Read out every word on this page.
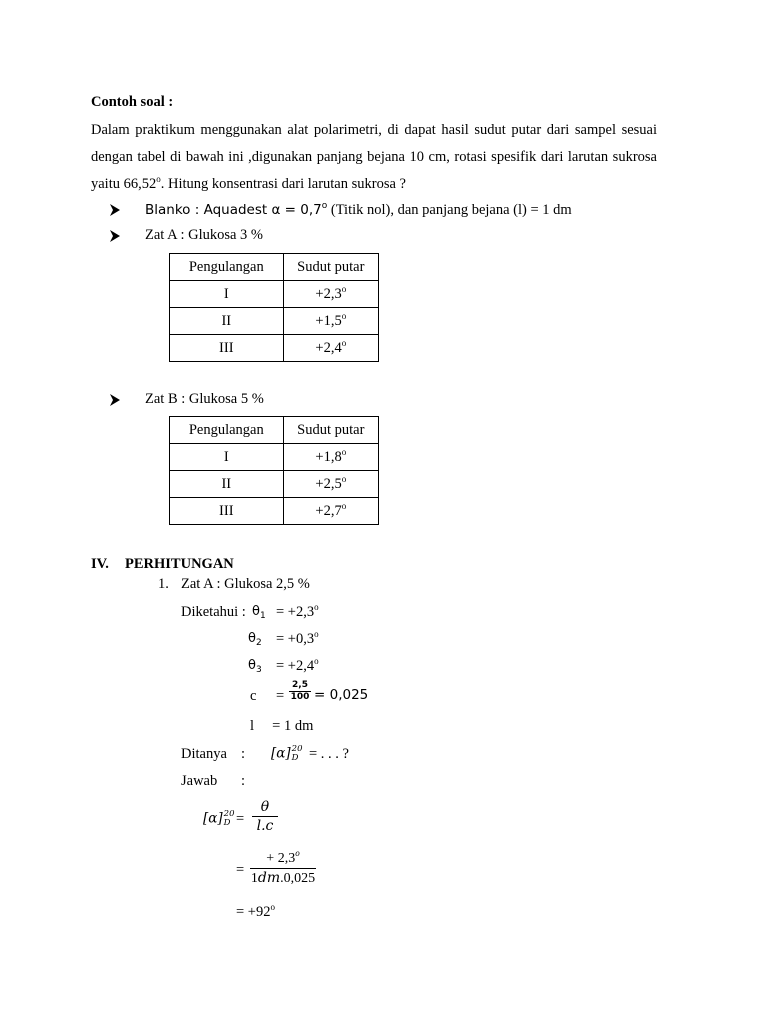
Contoh soal :
Dalam praktikum menggunakan alat polarimetri, di dapat hasil sudut putar dari sampel sesuai
dengan tabel di bawah ini ,digunakan panjang bejana 10 cm, rotasi spesifik dari larutan sukrosa
yaitu 66,52$^o$. Hitung konsentrasi dari larutan sukrosa ?
Blanko : Aquadest $\alpha = 0,7^o$ (Titik nol), dan panjang bejana (l) = 1 dm
Zat A : Glukosa 3 %
Pengulangan	Sudut putar
I	$+2,3^o$
II	$+1,5^o$
III	$+2,4^o$
Zat B : Glukosa 5 %
Pengulangan	Sudut putar
I	$+1,8^o$
II	$+2,5^o$
III	$+2,7^o$
IV. PERHITUNGAN
1. Zat A : Glukosa 2,5 %
Diketahui : $\theta_1 = +2,3^o$
$\theta_2 = +0,3^o$
$\theta_3 = +2,4^o$
c =
2,5
100 = 0,025
l     = 1 dm
Ditanya : [α] 20
D = . . . ?
Jawab :
[α] 20
D =
θ
l.c
=
+ $2,3^o$
1dm.0,025
= $+92^o$
